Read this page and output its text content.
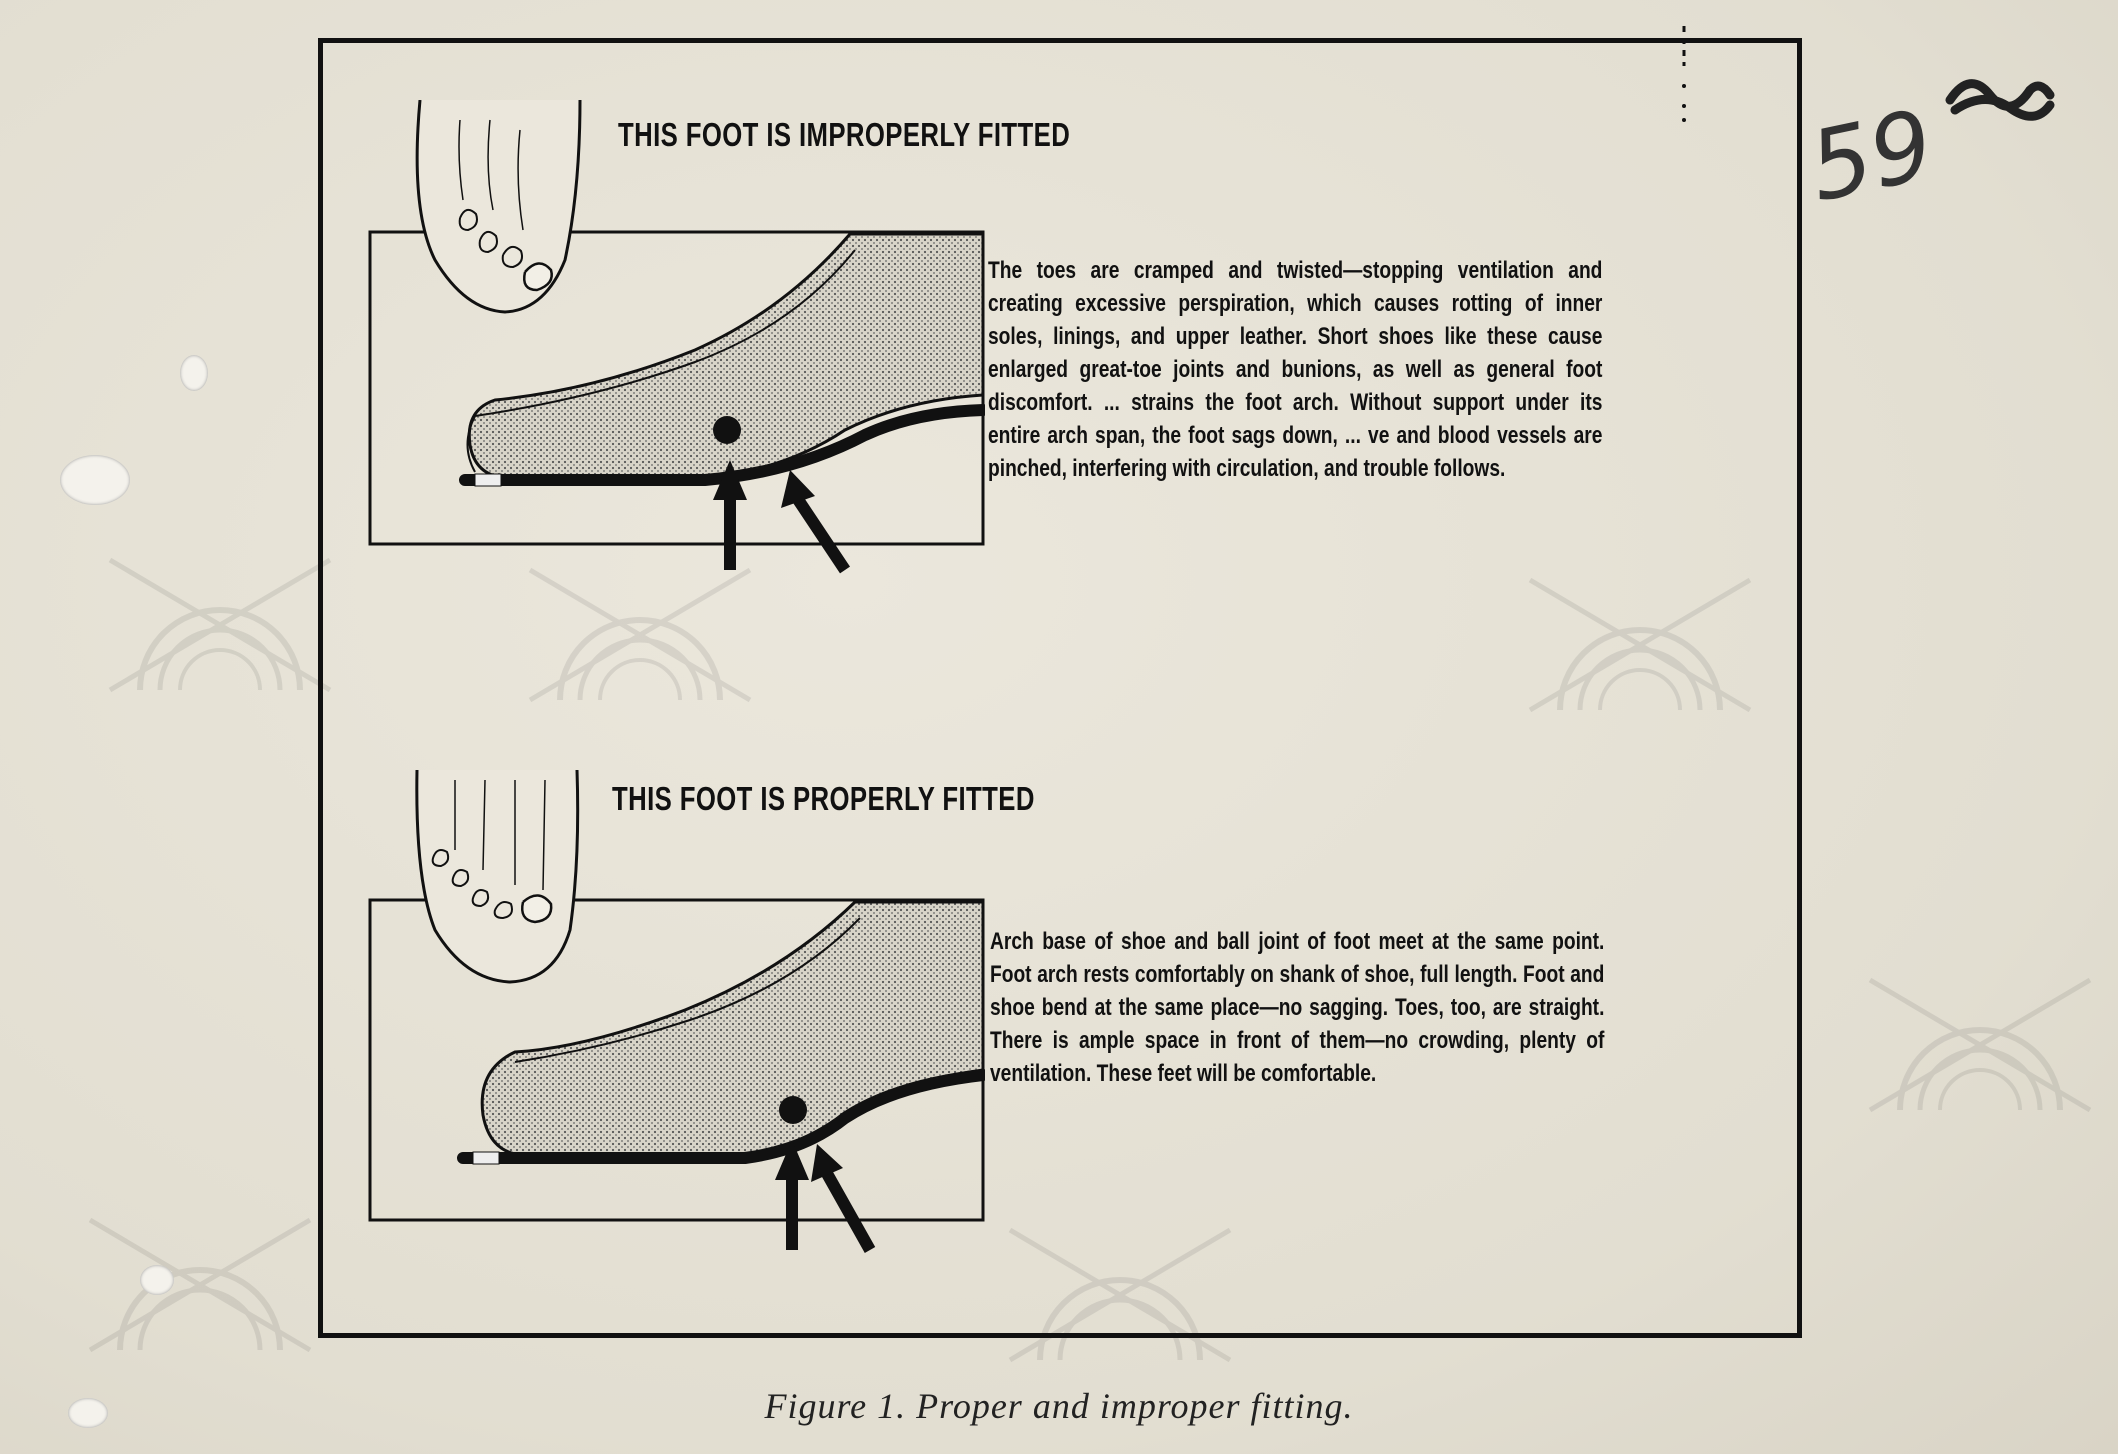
59
THIS FOOT IS IMPROPERLY FITTED
The toes are cramped and twisted—stopping ventilation and creating excessive perspiration, which causes rotting of inner soles, linings, and upper leather. Short shoes like these cause enlarged great-toe joints and bunions, as well as general foot discomfort. ... strains the foot arch. Without support under its entire arch span, the foot sags down, ... ve and blood vessels are pinched, interfering with circulation, and trouble follows.
THIS FOOT IS PROPERLY FITTED
Arch base of shoe and ball joint of foot meet at the same point. Foot arch rests comfortably on shank of shoe, full length. Foot and shoe bend at the same place—no sagging. Toes, too, are straight. There is ample space in front of them—no crowding, plenty of ventilation. These feet will be comfortable.
Figure 1. Proper and improper fitting.
